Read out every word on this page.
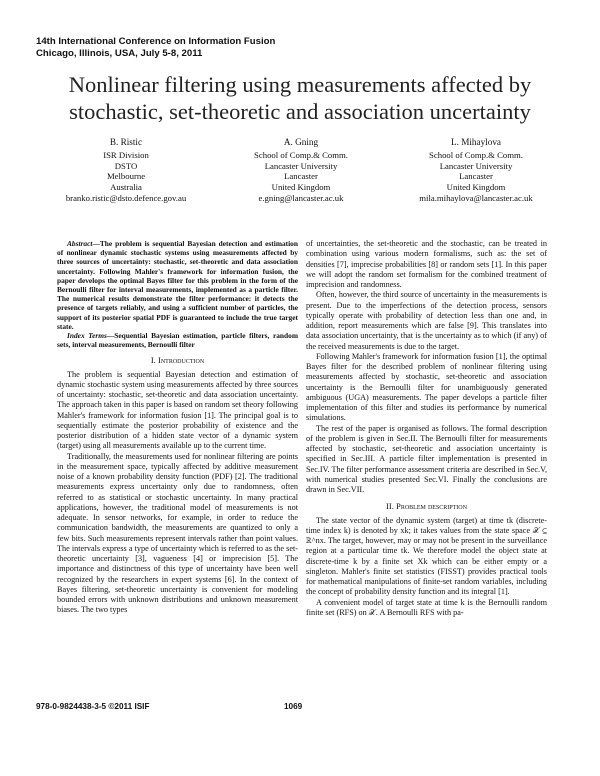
14th International Conference on Information Fusion
Chicago, Illinois, USA, July 5-8, 2011
Nonlinear filtering using measurements affected by
stochastic, set-theoretic and association uncertainty
B. Ristic
ISR Division
DSTO
Melbourne
Australia
branko.ristic@dsto.defence.gov.au
A. Gning
School of Comp.& Comm.
Lancaster University
Lancaster
United Kingdom
e.gning@lancaster.ac.uk
L. Mihaylova
School of Comp.& Comm.
Lancaster University
Lancaster
United Kingdom
mila.mihaylova@lancaster.ac.uk

Abstract—The problem is sequential Bayesian detection and estimation of nonlinear dynamic stochastic systems using measurements affected by three sources of uncertainty: stochastic, set-theoretic and data association uncertainty. Following Mahler's framework for information fusion, the paper develops the optimal Bayes filter for this problem in the form of the Bernoulli filter for interval measurements, implemented as a particle filter. The numerical results demonstrate the filter performance: it detects the presence of targets reliably, and using a sufficient number of particles, the support of its posterior spatial PDF is guaranteed to include the true target state.

Index Terms—Sequential Bayesian estimation, particle filters, random sets, interval measurements, Bernoulli filter

I. Introduction

The problem is sequential Bayesian detection and estimation of dynamic stochastic system using measurements affected by three sources of uncertainty: stochastic, set-theoretic and data association uncertainty. The approach taken in this paper is based on random set theory following Mahler's framework for information fusion [1]. The principal goal is to sequentially estimate the posterior probability of existence and the posterior distribution of a hidden state vector of a dynamic system (target) using all measurements available up to the current time.

Traditionally, the measurements used for nonlinear filtering are points in the measurement space, typically affected by additive measurement noise of a known probability density function (PDF) [2]. The traditional measurements express uncertainty only due to randomness, often referred to as statistical or stochastic uncertainty. In many practical applications, however, the traditional model of measurements is not adequate. In sensor networks, for example, in order to reduce the communication bandwidth, the measurements are quantized to only a few bits. Such measurements represent intervals rather than point values. The intervals express a type of uncertainty which is referred to as the set-theoretic uncertainty [3], vagueness [4] or imprecision [5]. The importance and distinctness of this type of uncertainty have been well recognized by the researchers in expert systems [6]. In the context of Bayes filtering, set-theoretic uncertainty is convenient for modeling bounded errors with unknown distributions and unknown measurement biases. The two types

of uncertainties, the set-theoretic and the stochastic, can be treated in combination using various modern formalisms, such as: the set of densities [7], imprecise probabilities [8] or random sets [1]. In this paper we will adopt the random set formalism for the combined treatment of imprecision and randomness.

Often, however, the third source of uncertainty in the measurements is present. Due to the imperfections of the detection process, sensors typically operate with probability of detection less than one and, in addition, report measurements which are false [9]. This translates into data association uncertainty, that is the uncertainty as to which (if any) of the received measurements is due to the target.

Following Mahler's framework for information fusion [1], the optimal Bayes filter for the described problem of nonlinear filtering using measurements affected by stochastic, set-theoretic and association uncertainty is the Bernoulli filter for unambiguously generated ambiguous (UGA) measurements. The paper develops a particle filter implementation of this filter and studies its performance by numerical simulations.

The rest of the paper is organised as follows. The formal description of the problem is given in Sec.II. The Bernoulli filter for measurements affected by stochastic, set-theoretic and association uncertainty is specified in Sec.III. A particle filter implementation is presented in Sec.IV. The filter performance assessment criteria are described in Sec.V, with numerical studies presented Sec.VI. Finally the conclusions are drawn in Sec.VII.

II. Problem description

The state vector of the dynamic system (target) at time tk (discrete-time index k) is denoted by xk; it takes values from the state space 𝒳 ⊆ ℝ^nx. The target, however, may or may not be present in the surveillance region at a particular time tk. We therefore model the object state at discrete-time k by a finite set Xk which can be either empty or a singleton. Mahler's finite set statistics (FISST) provides practical tools for mathematical manipulations of finite-set random variables, including the concept of probability density function and its integral [1].

A convenient model of target state at time k is the Bernoulli random finite set (RFS) on 𝒳. A Bernoulli RFS with pa-

978-0-9824438-3-5 ©2011 ISIF	1069
